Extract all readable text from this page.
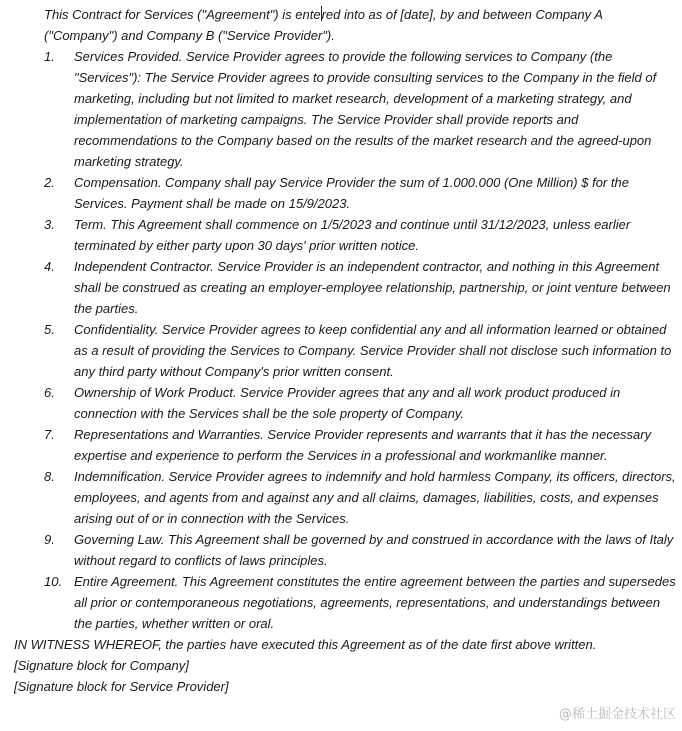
This Contract for Services ("Agreement") is entered into as of [date], by and between Company A ("Company") and Company B ("Service Provider").

1. Services Provided. Service Provider agrees to provide the following services to Company (the "Services"): The Service Provider agrees to provide consulting services to the Company in the field of marketing, including but not limited to market research, development of a marketing strategy, and implementation of marketing campaigns. The Service Provider shall provide reports and recommendations to the Company based on the results of the market research and the agreed-upon marketing strategy.
2. Compensation. Company shall pay Service Provider the sum of 1.000.000 (One Million) $ for the Services. Payment shall be made on 15/9/2023.
3. Term. This Agreement shall commence on 1/5/2023 and continue until 31/12/2023, unless earlier terminated by either party upon 30 days' prior written notice.
4. Independent Contractor. Service Provider is an independent contractor, and nothing in this Agreement shall be construed as creating an employer-employee relationship, partnership, or joint venture between the parties.
5. Confidentiality. Service Provider agrees to keep confidential any and all information learned or obtained as a result of providing the Services to Company. Service Provider shall not disclose such information to any third party without Company's prior written consent.
6. Ownership of Work Product. Service Provider agrees that any and all work product produced in connection with the Services shall be the sole property of Company.
7. Representations and Warranties. Service Provider represents and warrants that it has the necessary expertise and experience to perform the Services in a professional and workmanlike manner.
8. Indemnification. Service Provider agrees to indemnify and hold harmless Company, its officers, directors, employees, and agents from and against any and all claims, damages, liabilities, costs, and expenses arising out of or in connection with the Services.
9. Governing Law. This Agreement shall be governed by and construed in accordance with the laws of Italy without regard to conflicts of laws principles.
10. Entire Agreement. This Agreement constitutes the entire agreement between the parties and supersedes all prior or contemporaneous negotiations, agreements, representations, and understandings between the parties, whether written or oral.

IN WITNESS WHEREOF, the parties have executed this Agreement as of the date first above written.

[Signature block for Company]

[Signature block for Service Provider]

@稀土掘金技术社区
